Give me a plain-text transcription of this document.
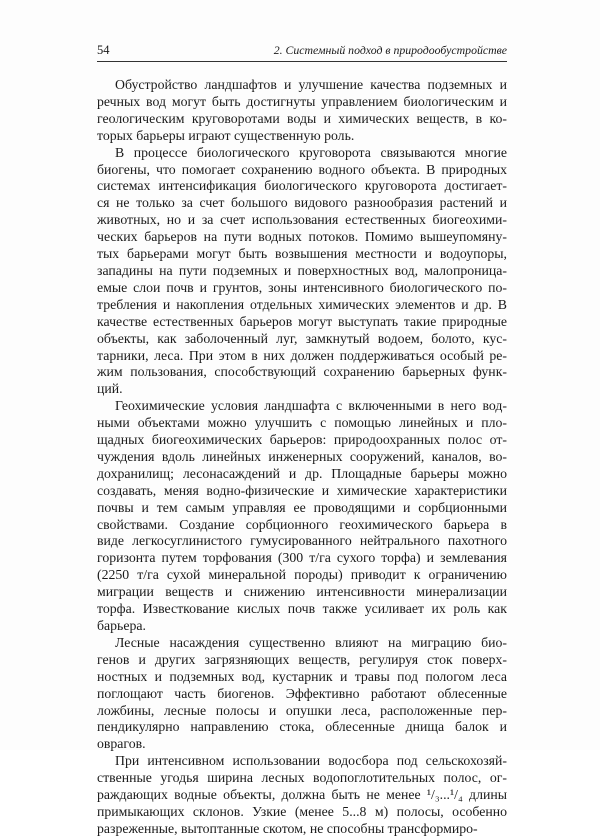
54	2. Системный подход в природообустройстве
Обустройство ландшафтов и улучшение качества подземных и
речных вод могут быть достигнуты управлением биологическим и
геологическим круговоротами воды и химических веществ, в ко-
торых барьеры играют существенную роль.
В процессе биологического круговорота связываются многие
биогены, что помогает сохранению водного объекта. В природных
системах интенсификация биологического круговорота достигает-
ся не только за счет большого видового разнообразия растений и
животных, но и за счет использования естественных биогеохими-
ческих барьеров на пути водных потоков. Помимо вышеупомяну-
тых барьерами могут быть возвышения местности и водоупоры,
западины на пути подземных и поверхностных вод, малопроница-
емые слои почв и грунтов, зоны интенсивного биологического по-
требления и накопления отдельных химических элементов и др. В
качестве естественных барьеров могут выступать такие природные
объекты, как заболоченный луг, замкнутый водоем, болото, кус-
тарники, леса. При этом в них должен поддерживаться особый ре-
жим пользования, способствующий сохранению барьерных функ-
ций.
Геохимические условия ландшафта с включенными в него вод-
ными объектами можно улучшить с помощью линейных и пло-
щадных биогеохимических барьеров: природоохранных полос от-
чуждения вдоль линейных инженерных сооружений, каналов, во-
дохранилищ; лесонасаждений и др. Площадные барьеры можно
создавать, меняя водно-физические и химические характеристики
почвы и тем самым управляя ее проводящими и сорбционными
свойствами. Создание сорбционного геохимического барьера в
виде легкосуглинистого гумусированного нейтрального пахотного
горизонта путем торфования (300 т/га сухого торфа) и землевания
(2250 т/га сухой минеральной породы) приводит к ограничению
миграции веществ и снижению интенсивности минерализации
торфа. Известкование кислых почв также усиливает их роль как
барьера.
Лесные насаждения существенно влияют на миграцию био-
генов и других загрязняющих веществ, регулируя сток поверх-
ностных и подземных вод, кустарник и травы под пологом леса
поглощают часть биогенов. Эффективно работают облесенные
ложбины, лесные полосы и опушки леса, расположенные пер-
пендикулярно направлению стока, облесенные днища балок и
оврагов.
При интенсивном использовании водосбора под сельскохозяй-
ственные угодья ширина лесных водопоглотительных полос, ог-
раждающих водные объекты, должна быть не менее ¹/₃...¹/₄ длины
примыкающих склонов. Узкие (менее 5...8 м) полосы, особенно
разреженные, вытоптанные скотом, не способны трансформиро-
